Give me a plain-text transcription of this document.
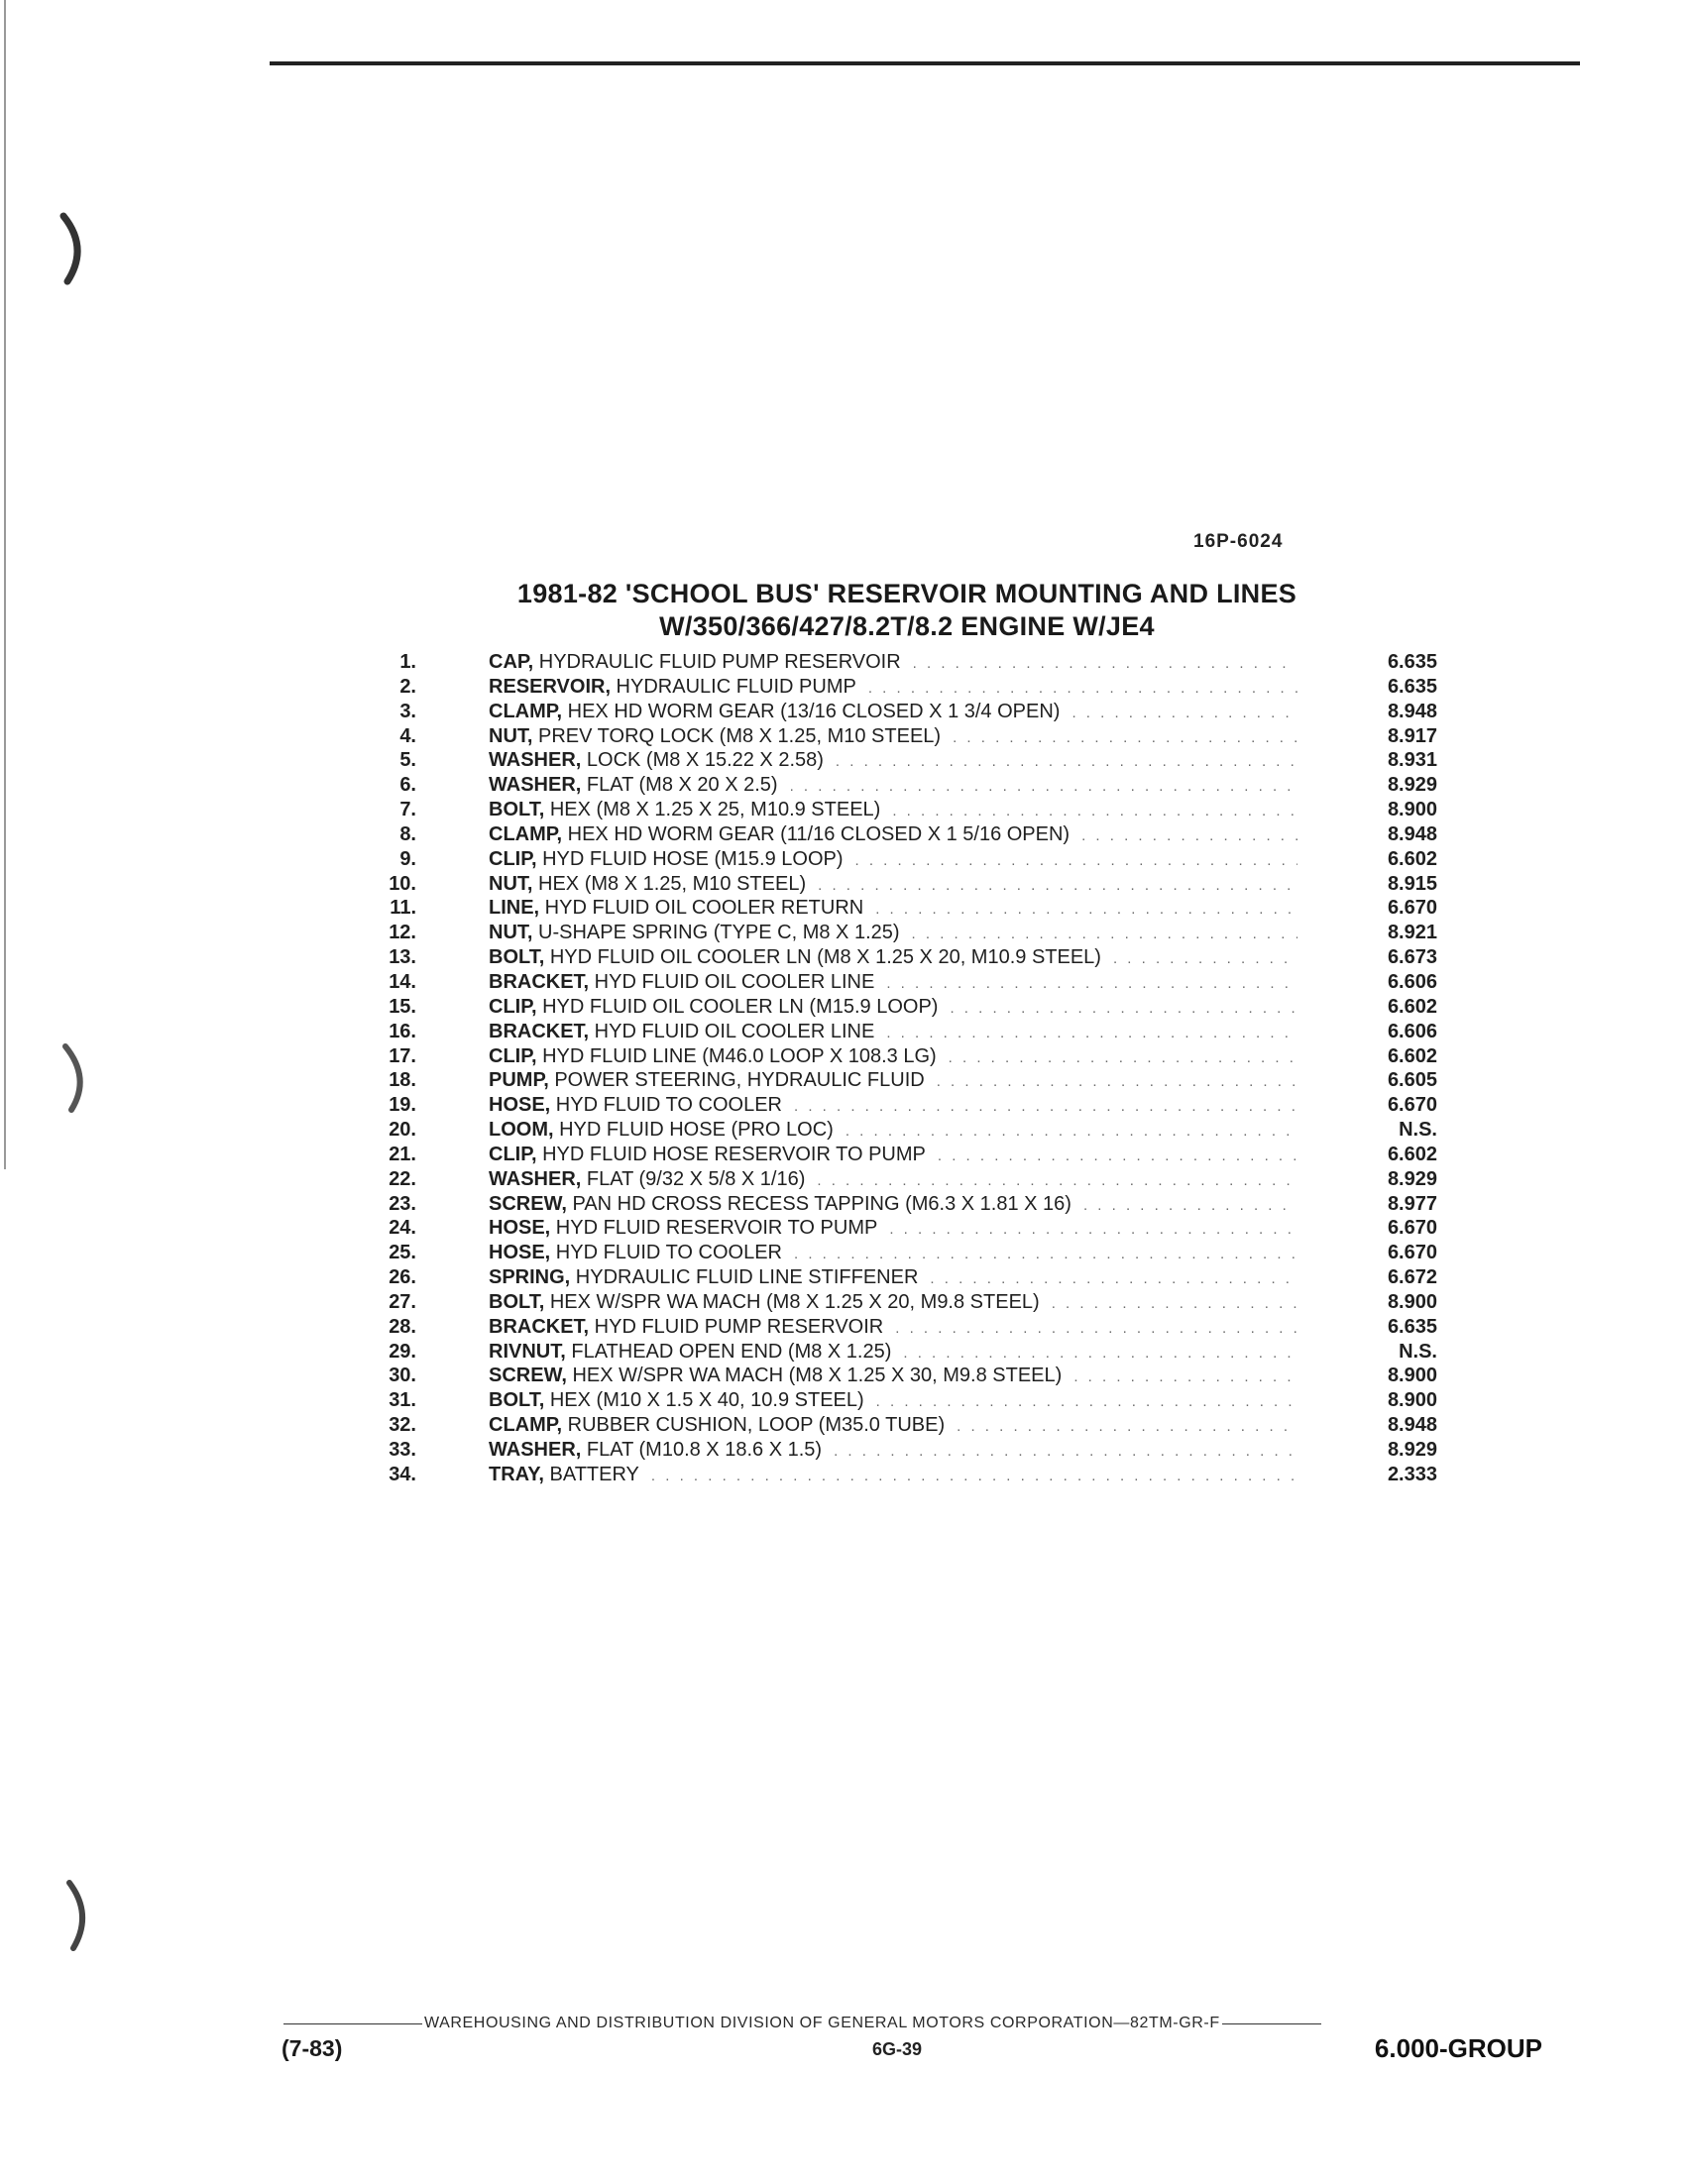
16P-6024
1981-82 'SCHOOL BUS' RESERVOIR MOUNTING AND LINES
W/350/366/427/8.2T/8.2 ENGINE W/JE4
1.	CAP, HYDRAULIC FLUID PUMP RESERVOIR . . .	6.635
2.	RESERVOIR, HYDRAULIC FLUID PUMP . . .	6.635
3.	CLAMP, HEX HD WORM GEAR (13/16 CLOSED X 1 3/4 OPEN) . . .	8.948
4.	NUT, PREV TORQ LOCK (M8 X 1.25, M10 STEEL) . . .	8.917
5.	WASHER, LOCK (M8 X 15.22 X 2.58) . . .	8.931
6.	WASHER, FLAT (M8 X 20 X 2.5) . . .	8.929
7.	BOLT, HEX (M8 X 1.25 X 25, M10.9 STEEL) . . .	8.900
8.	CLAMP, HEX HD WORM GEAR (11/16 CLOSED X 1 5/16 OPEN) . . .	8.948
9.	CLIP, HYD FLUID HOSE (M15.9 LOOP) . . .	6.602
10.	NUT, HEX (M8 X 1.25, M10 STEEL) . . .	8.915
11.	LINE, HYD FLUID OIL COOLER RETURN . . .	6.670
12.	NUT, U-SHAPE SPRING (TYPE C, M8 X 1.25) . . .	8.921
13.	BOLT, HYD FLUID OIL COOLER LN (M8 X 1.25 X 20, M10.9 STEEL) . . .	6.673
14.	BRACKET, HYD FLUID OIL COOLER LINE . . .	6.606
15.	CLIP, HYD FLUID OIL COOLER LN (M15.9 LOOP) . . .	6.602
16.	BRACKET, HYD FLUID OIL COOLER LINE . . .	6.606
17.	CLIP, HYD FLUID LINE (M46.0 LOOP X 108.3 LG) . . .	6.602
18.	PUMP, POWER STEERING, HYDRAULIC FLUID . . .	6.605
19.	HOSE, HYD FLUID TO COOLER . . .	6.670
20.	LOOM, HYD FLUID HOSE (PRO LOC) . . .	N.S.
21.	CLIP, HYD FLUID HOSE RESERVOIR TO PUMP . . .	6.602
22.	WASHER, FLAT (9/32 X 5/8 X 1/16) . . .	8.929
23.	SCREW, PAN HD CROSS RECESS TAPPING (M6.3 X 1.81 X 16) . . .	8.977
24.	HOSE, HYD FLUID RESERVOIR TO PUMP . . .	6.670
25.	HOSE, HYD FLUID TO COOLER . . .	6.670
26.	SPRING, HYDRAULIC FLUID LINE STIFFENER . . .	6.672
27.	BOLT, HEX W/SPR WA MACH (M8 X 1.25 X 20, M9.8 STEEL) . . .	8.900
28.	BRACKET, HYD FLUID PUMP RESERVOIR . . .	6.635
29.	RIVNUT, FLATHEAD OPEN END (M8 X 1.25) . . .	N.S.
30.	SCREW, HEX W/SPR WA MACH (M8 X 1.25 X 30, M9.8 STEEL) . . .	8.900
31.	BOLT, HEX (M10 X 1.5 X 40, 10.9 STEEL) . . .	8.900
32.	CLAMP, RUBBER CUSHION, LOOP (M35.0 TUBE) . . .	8.948
33.	WASHER, FLAT (M10.8 X 18.6 X 1.5) . . .	8.929
34.	TRAY, BATTERY . . .	2.333
WAREHOUSING AND DISTRIBUTION DIVISION OF GENERAL MOTORS CORPORATION—82TM-GR-F
(7-83)	6G-39	6.000-GROUP
